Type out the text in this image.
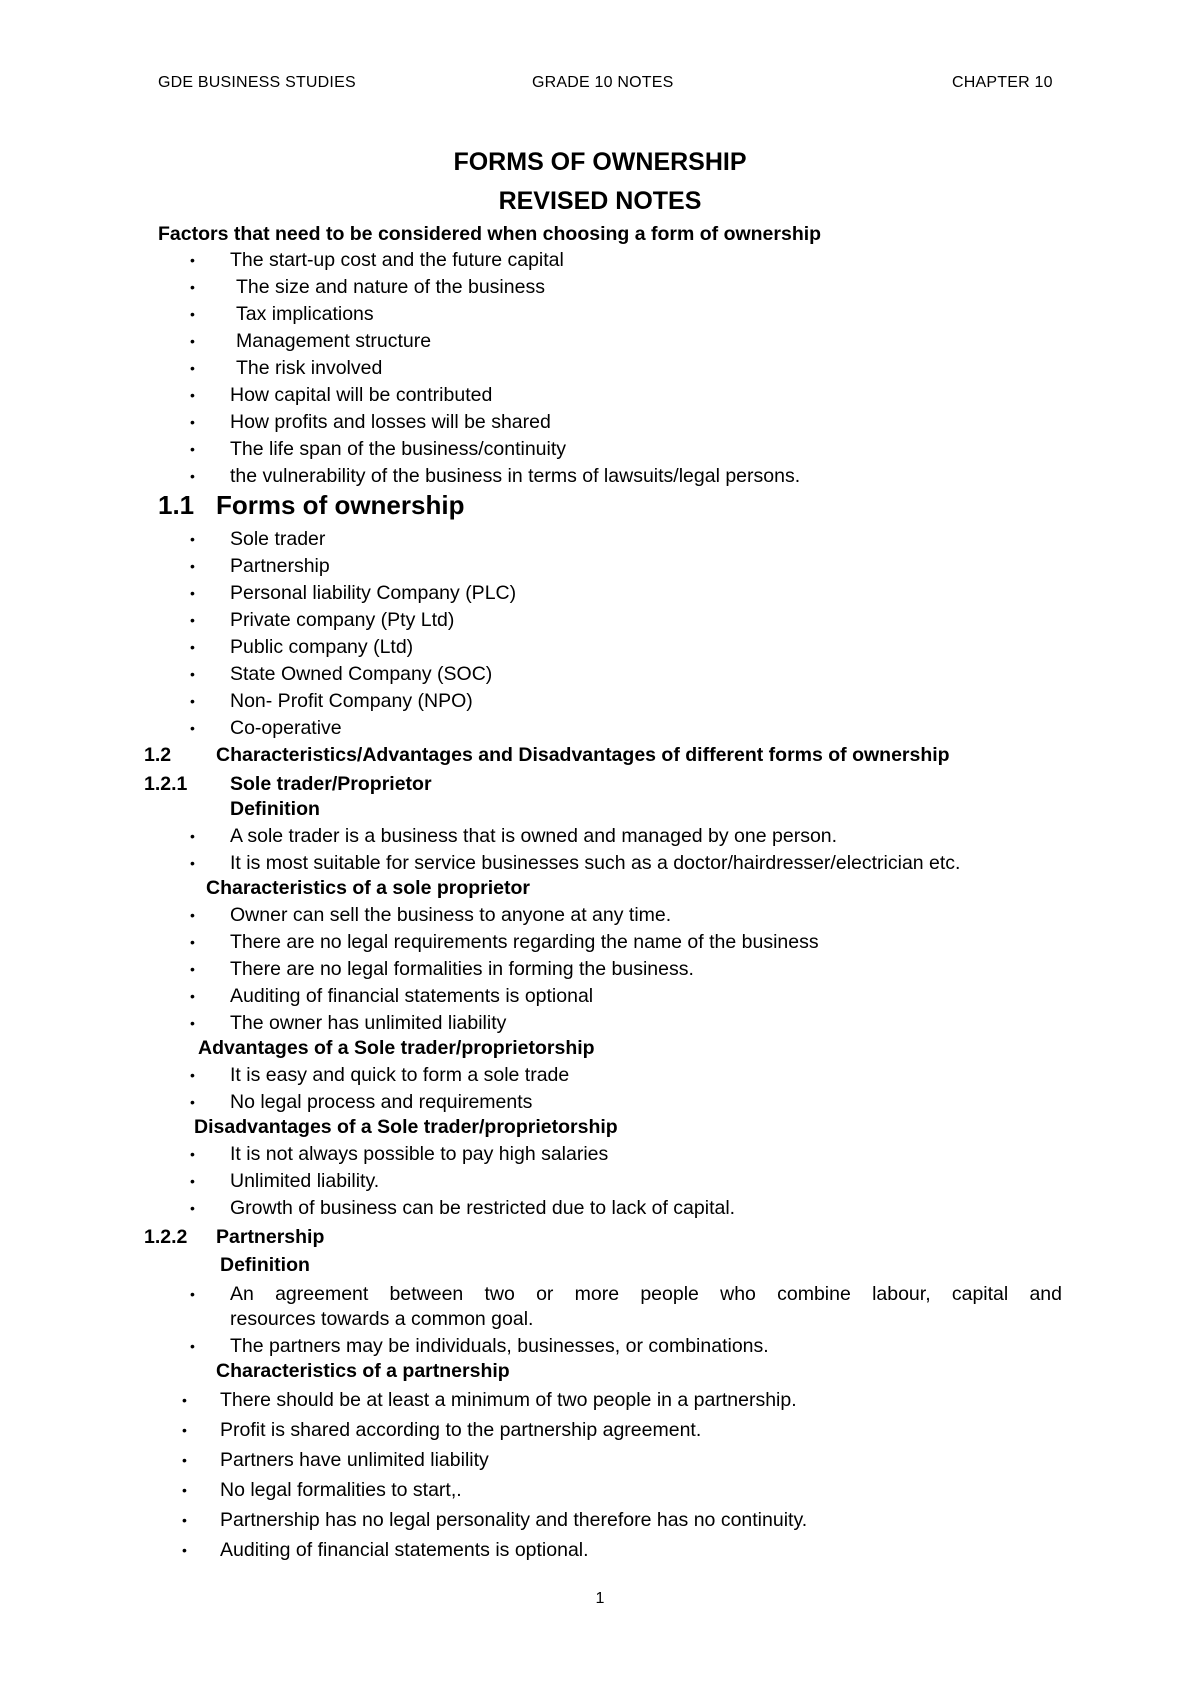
GDE BUSINESS STUDIES	GRADE 10 NOTES	CHAPTER 10
FORMS OF OWNERSHIP
REVISED NOTES
Factors that need to be considered when choosing a form of ownership
• The start-up cost and the future capital
• The size and nature of the business
• Tax implications
• Management structure
• The risk involved
• How capital will be contributed
• How profits and losses will be shared
• The life span of the business/continuity
• the vulnerability of the business in terms of lawsuits/legal persons.
1.1 Forms of ownership
• Sole trader
• Partnership
• Personal liability Company (PLC)
• Private company (Pty Ltd)
• Public company (Ltd)
• State Owned Company (SOC)
• Non- Profit Company (NPO)
• Co-operative
1.2 Characteristics/Advantages and Disadvantages of different forms of ownership
1.2.1 Sole trader/Proprietor
Definition
• A sole trader is a business that is owned and managed by one person.
• It is most suitable for service businesses such as a doctor/hairdresser/electrician etc.
Characteristics of a sole proprietor
• Owner can sell the business to anyone at any time.
• There are no legal requirements regarding the name of the business
• There are no legal formalities in forming the business.
• Auditing of financial statements is optional
• The owner has unlimited liability
Advantages of a Sole trader/proprietorship
• It is easy and quick to form a sole trade
• No legal process and requirements
Disadvantages of a Sole trader/proprietorship
• It is not always possible to pay high salaries
• Unlimited liability.
• Growth of business can be restricted due to lack of capital.
1.2.2 Partnership
Definition
• An agreement between two or more people who combine labour, capital and
resources towards a common goal.
• The partners may be individuals, businesses, or combinations.
Characteristics of a partnership
• There should be at least a minimum of two people in a partnership.
• Profit is shared according to the partnership agreement.
• Partners have unlimited liability
• No legal formalities to start,.
• Partnership has no legal personality and therefore has no continuity.
• Auditing of financial statements is optional.
1
